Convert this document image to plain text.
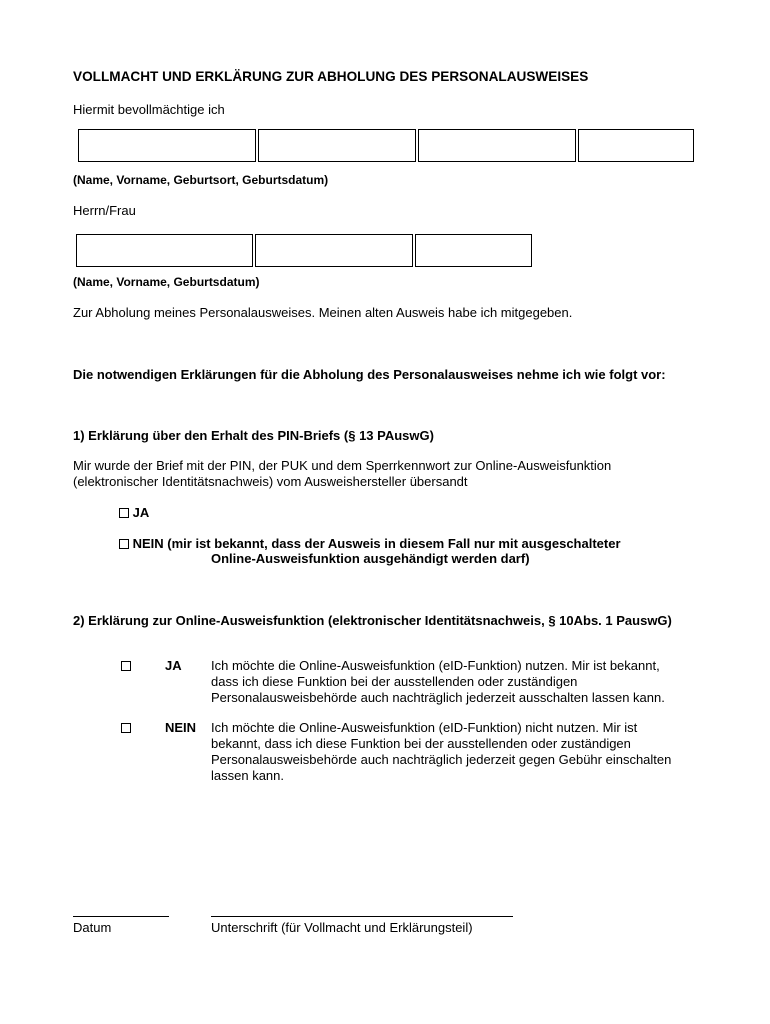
VOLLMACHT UND ERKLÄRUNG ZUR ABHOLUNG DES PERSONALAUSWEISES
Hiermit bevollmächtige ich
(Name, Vorname, Geburtsort, Geburtsdatum)
Herrn/Frau
(Name, Vorname, Geburtsdatum)
Zur Abholung meines Personalausweises. Meinen alten Ausweis habe ich mitgegeben.
Die notwendigen Erklärungen für die Abholung des Personalausweises nehme ich wie folgt vor:
1) Erklärung über den Erhalt des PIN-Briefs (§ 13 PAuswG)
Mir wurde der Brief mit der PIN, der PUK und dem Sperrkennwort zur Online-Ausweisfunktion (elektronischer Identitätsnachweis) vom Ausweishersteller übersandt
JA
NEIN (mir ist bekannt, dass der Ausweis in diesem Fall nur mit ausgeschalteter
Online-Ausweisfunktion ausgehändigt werden darf)
2) Erklärung zur Online-Ausweisfunktion (elektronischer Identitätsnachweis, § 10Abs. 1 PauswG)
JA Ich möchte die Online-Ausweisfunktion (eID-Funktion) nutzen. Mir ist bekannt, dass ich diese Funktion bei der ausstellenden oder zuständigen Personalausweisbehörde auch nachträglich jederzeit ausschalten lassen kann.
NEIN Ich möchte die Online-Ausweisfunktion (eID-Funktion) nicht nutzen. Mir ist bekannt, dass ich diese Funktion bei der ausstellenden oder zuständigen Personalausweisbehörde auch nachträglich jederzeit gegen Gebühr einschalten lassen kann.
Datum	Unterschrift (für Vollmacht und Erklärungsteil)
